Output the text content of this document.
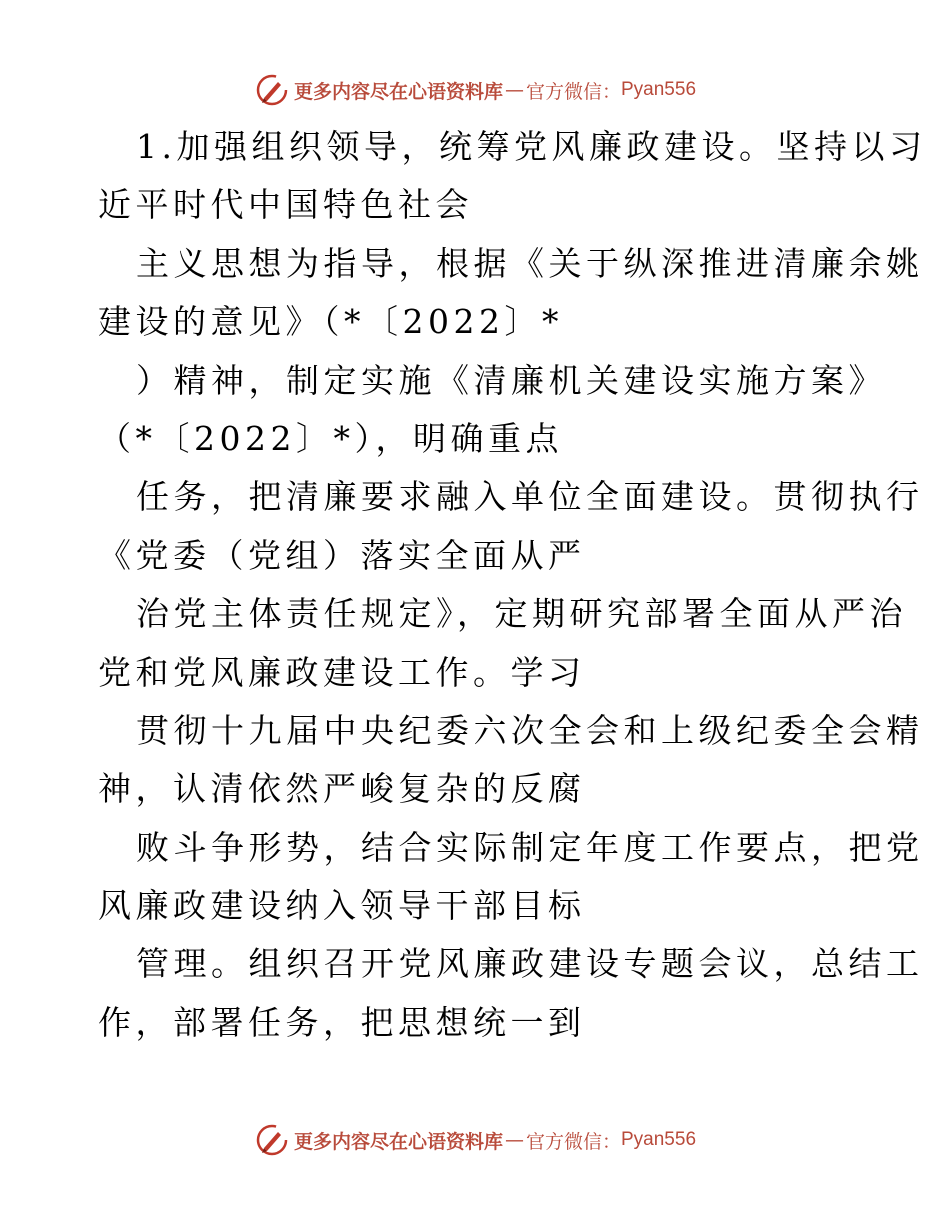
更多内容尽在心语资料库 — 官方微信： Pyan556
1.加强组织领导，统筹党风廉政建设。坚持以习
近平时代中国特色社会
主义思想为指导，根据《关于纵深推进清廉余姚
建设的意见》（*〔2022〕*
）精神，制定实施《清廉机关建设实施方案》
（*〔2022〕*），明确重点
任务，把清廉要求融入单位全面建设。贯彻执行
《党委（党组）落实全面从严
治党主体责任规定》，定期研究部署全面从严治
党和党风廉政建设工作。学习
贯彻十九届中央纪委六次全会和上级纪委全会精
神，认清依然严峻复杂的反腐
败斗争形势，结合实际制定年度工作要点，把党
风廉政建设纳入领导干部目标
管理。组织召开党风廉政建设专题会议，总结工
作，部署任务，把思想统一到
更多内容尽在心语资料库 — 官方微信： Pyan556
